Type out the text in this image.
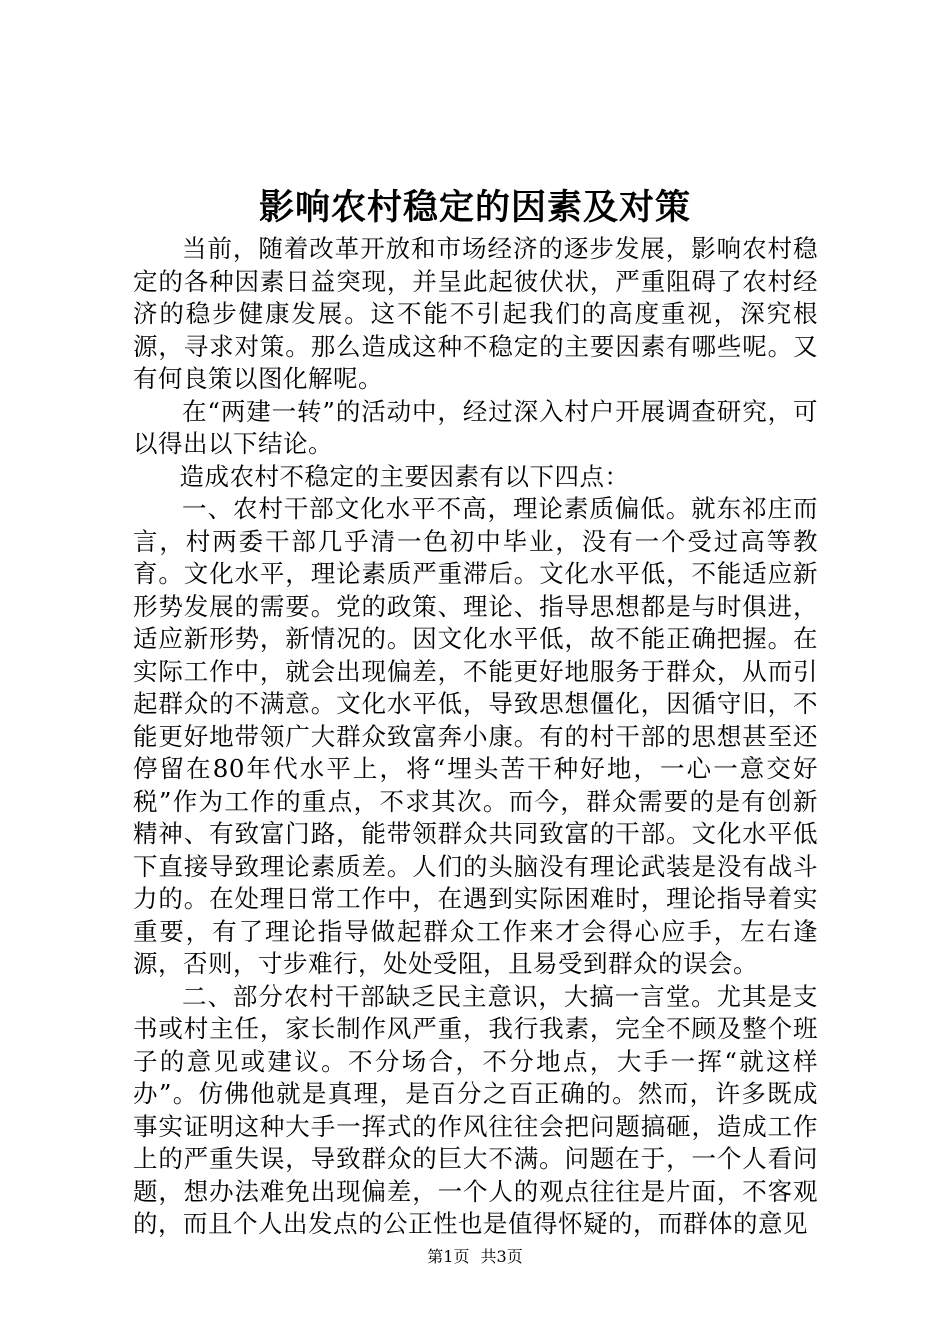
影响农村稳定的因素及对策

当前，随着改革开放和市场经济的逐步发展，影响农村稳定的各种因素日益突现，并呈此起彼伏状，严重阻碍了农村经济的稳步健康发展。这不能不引起我们的高度重视，深究根源，寻求对策。那么造成这种不稳定的主要因素有哪些呢。又有何良策以图化解呢。

在“两建一转”的活动中，经过深入村户开展调查研究，可以得出以下结论。

造成农村不稳定的主要因素有以下四点：

一、农村干部文化水平不高，理论素质偏低。就东祁庄而言，村两委干部几乎清一色初中毕业，没有一个受过高等教育。文化水平，理论素质严重滞后。文化水平低，不能适应新形势发展的需要。党的政策、理论、指导思想都是与时俱进，适应新形势，新情况的。因文化水平低，故不能正确把握。在实际工作中，就会出现偏差，不能更好地服务于群众，从而引起群众的不满意。文化水平低，导致思想僵化，因循守旧，不能更好地带领广大群众致富奔小康。有的村干部的思想甚至还停留在80年代水平上，将“埋头苦干种好地，一心一意交好税”作为工作的重点，不求其次。而今，群众需要的是有创新精神、有致富门路，能带领群众共同致富的干部。文化水平低下直接导致理论素质差。人们的头脑没有理论武装是没有战斗力的。在处理日常工作中，在遇到实际困难时，理论指导着实重要，有了理论指导做起群众工作来才会得心应手，左右逢源，否则，寸步难行，处处受阻，且易受到群众的误会。

二、部分农村干部缺乏民主意识，大搞一言堂。尤其是支书或村主任，家长制作风严重，我行我素，完全不顾及整个班子的意见或建议。不分场合，不分地点，大手一挥“就这样办”。仿佛他就是真理，是百分之百正确的。然而，许多既成事实证明这种大手一挥式的作风往往会把问题搞砸，造成工作上的严重失误，导致群众的巨大不满。问题在于，一个人看问题，想办法难免出现偏差，一个人的观点往往是片面，不客观的，而且个人出发点的公正性也是值得怀疑的，而群体的意见

第1页 共3页
